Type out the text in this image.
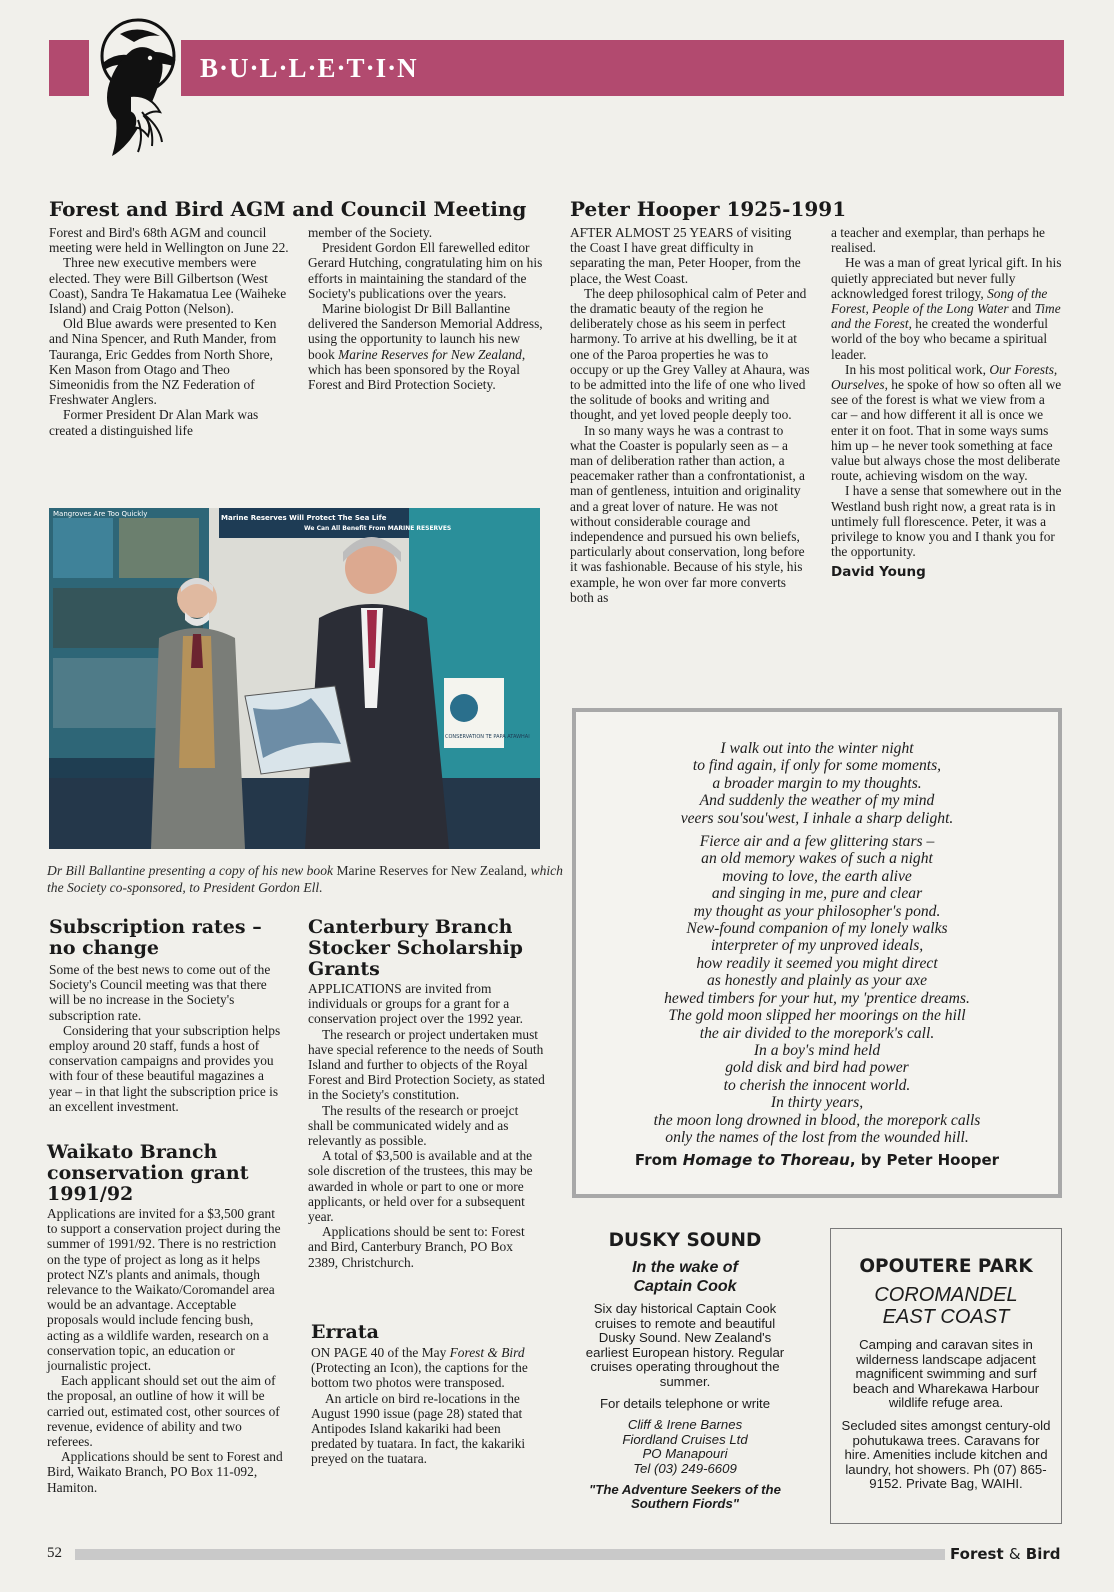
B·U·L·L·E·T·I·N
Forest and Bird AGM and Council Meeting

Forest and Bird's 68th AGM and council meeting were held in Wellington on June 22.

Three new executive members were elected. They were Bill Gilbertson (West Coast), Sandra Te Hakamatua Lee (Waiheke Island) and Craig Potton (Nelson).

Old Blue awards were presented to Ken and Nina Spencer, and Ruth Mander, from Tauranga, Eric Geddes from North Shore, Ken Mason from Otago and Theo Simeonidis from the NZ Federation of Freshwater Anglers.

Former President Dr Alan Mark was created a distinguished life

member of the Society.

President Gordon Ell farewelled editor Gerard Hutching, congratulating him on his efforts in maintaining the standard of the Society's publications over the years.

Marine biologist Dr Bill Ballantine delivered the Sanderson Memorial Address, using the opportunity to launch his new book Marine Reserves for New Zealand, which has been sponsored by the Royal Forest and Bird Protection Society.

Mangroves Are Too Quickly	Marine Reserves Will Protect The Sea Life
We Can All Benefit From MARINE RESERVES
CONSERVATION TE PAPA ATAWHAI
Dr Bill Ballantine presenting a copy of his new book Marine Reserves for New Zealand, which the Society co-sponsored, to President Gordon Ell.
Peter Hooper 1925-1991

AFTER ALMOST 25 YEARS of visiting the Coast I have great difficulty in separating the man, Peter Hooper, from the place, the West Coast.

The deep philosophical calm of Peter and the dramatic beauty of the region he deliberately chose as his seem in perfect harmony. To arrive at his dwelling, be it at one of the Paroa properties he was to occupy or up the Grey Valley at Ahaura, was to be admitted into the life of one who lived the solitude of books and writing and thought, and yet loved people deeply too.

In so many ways he was a contrast to what the Coaster is popularly seen as – a man of deliberation rather than action, a peacemaker rather than a confrontationist, a man of gentleness, intuition and originality and a great lover of nature. He was not without considerable courage and independence and pursued his own beliefs, particularly about conservation, long before it was fashionable. Because of his style, his example, he won over far more converts both as

a teacher and exemplar, than perhaps he realised.

He was a man of great lyrical gift. In his quietly appreciated but never fully acknowledged forest trilogy, Song of the Forest, People of the Long Water and Time and the Forest, he created the wonderful world of the boy who became a spiritual leader.

In his most political work, Our Forests, Ourselves, he spoke of how so often all we see of the forest is what we view from a car – and how different it all is once we enter it on foot. That in some ways sums him up – he never took something at face value but always chose the most deliberate route, achieving wisdom on the way.

I have a sense that somewhere out in the Westland bush right now, a great rata is in untimely full florescence. Peter, it was a privilege to know you and I thank you for the opportunity.

David Young
I walk out into the winter night
to find again, if only for some moments,
a broader margin to my thoughts.
And suddenly the weather of my mind
veers sou'sou'west, I inhale a sharp delight.
Fierce air and a few glittering stars –
an old memory wakes of such a night
moving to love, the earth alive
and singing in me, pure and clear
my thought as your philosopher's pond.
New-found companion of my lonely walks
interpreter of my unproved ideals,
how readily it seemed you might direct
as honestly and plainly as your axe
hewed timbers for your hut, my 'prentice dreams.
The gold moon slipped her moorings on the hill
the air divided to the morepork's call.
In a boy's mind held
gold disk and bird had power
to cherish the innocent world.
In thirty years,
the moon long drowned in blood, the morepork calls
only the names of the lost from the wounded hill.
From Homage to Thoreau, by Peter Hooper
Subscription rates –
no change

Some of the best news to come out of the Society's Council meeting was that there will be no increase in the Society's subscription rate.

Considering that your subscription helps employ around 20 staff, funds a host of conservation campaigns and provides you with four of these beautiful magazines a year – in that light the subscription price is an excellent investment.

Waikato Branch
conservation grant
1991/92

Applications are invited for a $3,500 grant to support a conservation project during the summer of 1991/92. There is no restriction on the type of project as long as it helps protect NZ's plants and animals, though relevance to the Waikato/Coromandel area would be an advantage. Acceptable proposals would include fencing bush, acting as a wildlife warden, research on a conservation topic, an education or journalistic project.

Each applicant should set out the aim of the proposal, an outline of how it will be carried out, estimated cost, other sources of revenue, evidence of ability and two referees.

Applications should be sent to Forest and Bird, Waikato Branch, PO Box 11-092, Hamiton.

Canterbury Branch
Stocker Scholarship
Grants

APPLICATIONS are invited from individuals or groups for a grant for a conservation project over the 1992 year.

The research or project undertaken must have special reference to the needs of South Island and further to objects of the Royal Forest and Bird Protection Society, as stated in the Society's constitution.

The results of the research or proejct shall be communicated widely and as relevantly as possible.

A total of $3,500 is available and at the sole discretion of the trustees, this may be awarded in whole or part to one or more applicants, or held over for a subsequent year.

Applications should be sent to: Forest and Bird, Canterbury Branch, PO Box 2389, Christchurch.

Errata

ON PAGE 40 of the May Forest & Bird (Protecting an Icon), the captions for the bottom two photos were transposed.

An article on bird re-locations in the August 1990 issue (page 28) stated that Antipodes Island kakariki had been predated by tuatara. In fact, the kakariki preyed on the tuatara.

DUSKY SOUND
In the wake of
Captain Cook
Six day historical Captain Cook cruises to remote and beautiful Dusky Sound. New Zealand's earliest European history. Regular cruises operating throughout the summer.
For details telephone or write
Cliff & Irene Barnes
Fiordland Cruises Ltd
PO Manapouri
Tel (03) 249-6609
"The Adventure Seekers of the Southern Fiords"
OPOUTERE PARK
COROMANDEL
EAST COAST
Camping and caravan sites in wilderness landscape adjacent magnificent swimming and surf beach and Wharekawa Harbour wildlife refuge area.
Secluded sites amongst century-old pohutukawa trees. Caravans for hire. Amenities include kitchen and laundry, hot showers. Ph (07) 865-9152. Private Bag, WAIHI.
52	Forest & Bird
